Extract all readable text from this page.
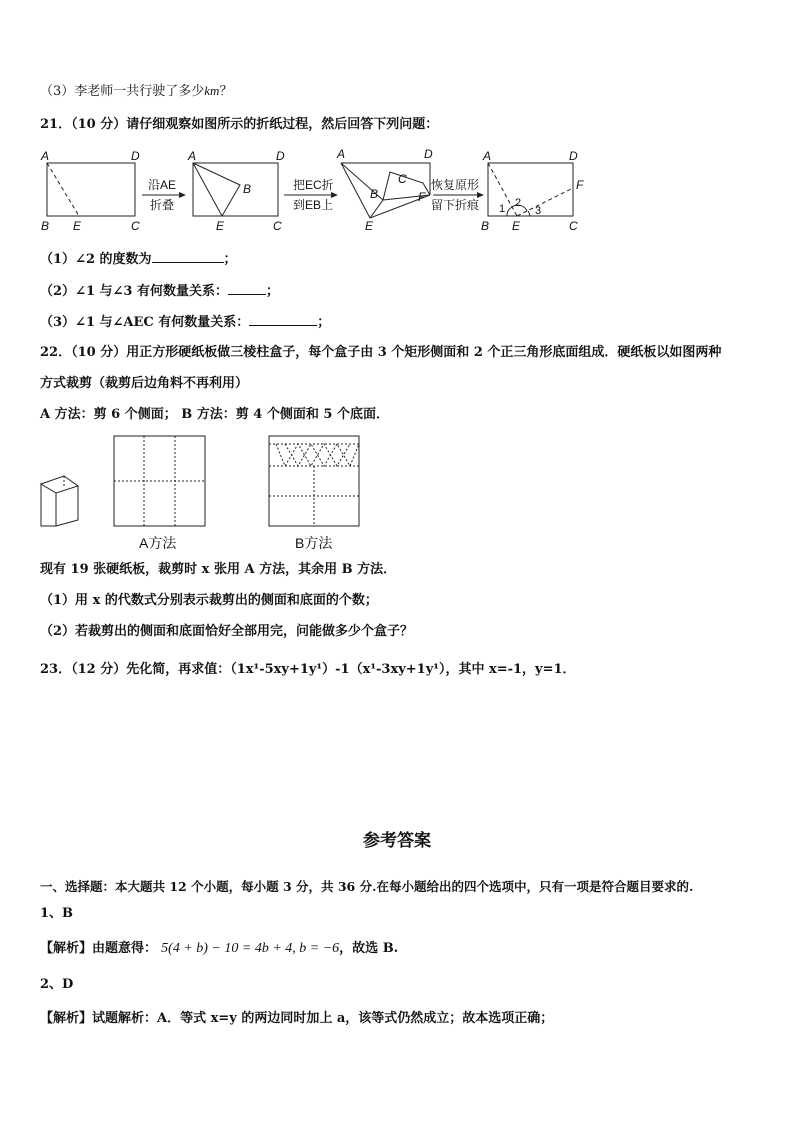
（3）李老师一共行驶了多少km？
21．（10 分）请仔细观察如图所示的折纸过程，然后回答下列问题：
A	D
B E	C
A	D
B
E	C
A	D
B
C
F
E
A	D
F
B E	C
1 2
3
沿AE
折叠
把EC折
到EB上
恢复原形
留下折痕
（1）∠2 的度数为	；
（2）∠1 与∠3 有何数量关系：	；
（3）∠1 与∠AEC 有何数量关系：	；
22．（10 分）用正方形硬纸板做三棱柱盒子，每个盒子由 3 个矩形侧面和 2 个正三角形底面组成．硬纸板以如图两种
方式裁剪（裁剪后边角料不再利用）
A 方法：剪 6 个侧面； B 方法：剪 4 个侧面和 5 个底面．
A方法	B方法
现有 19 张硬纸板，裁剪时 x 张用 A 方法，其余用 B 方法．
（1）用 x 的代数式分别表示裁剪出的侧面和底面的个数；
（2）若裁剪出的侧面和底面恰好全部用完，问能做多少个盒子？
23．（12 分）先化简，再求值：（1x¹-5xy+1y¹）-1（x¹-3xy+1y¹），其中 x=-1，y=1．
参考答案
一、选择题：本大题共 12 个小题，每小题 3 分，共 36 分.在每小题给出的四个选项中，只有一项是符合题目要求的.
1、B
【解析】由题意得： 5(4 + b) − 10 = 4b + 4, b = −6，故选 B.
2、D
【解析】试题解析：A．等式 x=y 的两边同时加上 a，该等式仍然成立；故本选项正确；
